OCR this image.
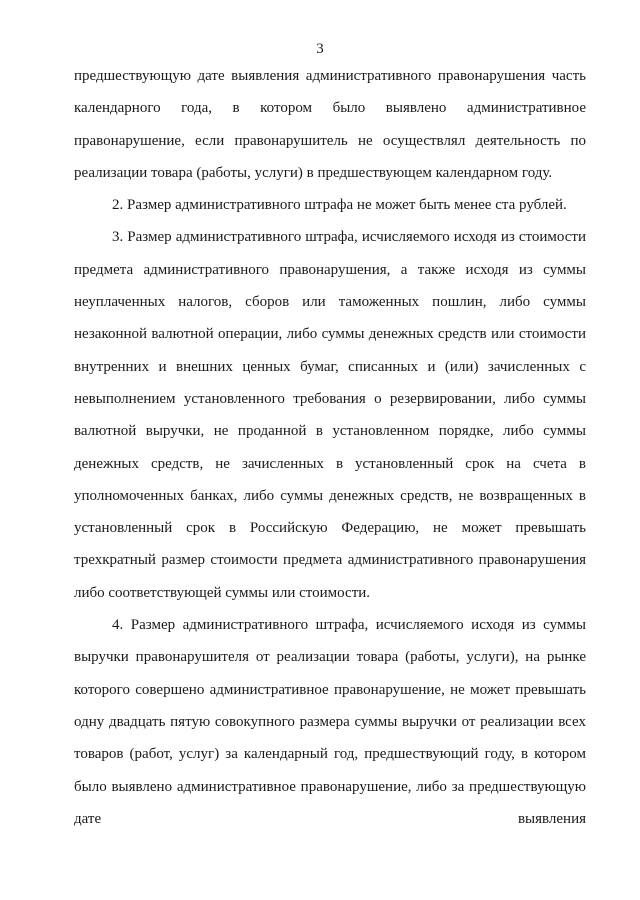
3

предшествующую дате выявления административного правонарушения часть календарного года, в котором было выявлено административное правонарушение, если правонарушитель не осуществлял деятельность по реализации товара (работы, услуги) в предшествующем календарном году.

2. Размер административного штрафа не может быть менее ста рублей.

3. Размер административного штрафа, исчисляемого исходя из стоимости предмета административного правонарушения, а также исходя из суммы неуплаченных налогов, сборов или таможенных пошлин, либо суммы незаконной валютной операции, либо суммы денежных средств или стоимости внутренних и внешних ценных бумаг, списанных и (или) зачисленных с невыполнением установленного требования о резервировании, либо суммы валютной выручки, не проданной в установленном порядке, либо суммы денежных средств, не зачисленных в установленный срок на счета в уполномоченных банках, либо суммы денежных средств, не возвращенных в установленный срок в Российскую Федерацию, не может превышать трехкратный размер стоимости предмета административного правонарушения либо соответствующей суммы или стоимости.

4. Размер административного штрафа, исчисляемого исходя из суммы выручки правонарушителя от реализации товара (работы, услуги), на рынке которого совершено административное правонарушение, не может превышать одну двадцать пятую совокупного размера суммы выручки от реализации всех товаров (работ, услуг) за календарный год, предшествующий году, в котором было выявлено административное правонарушение, либо за предшествующую дате выявления
